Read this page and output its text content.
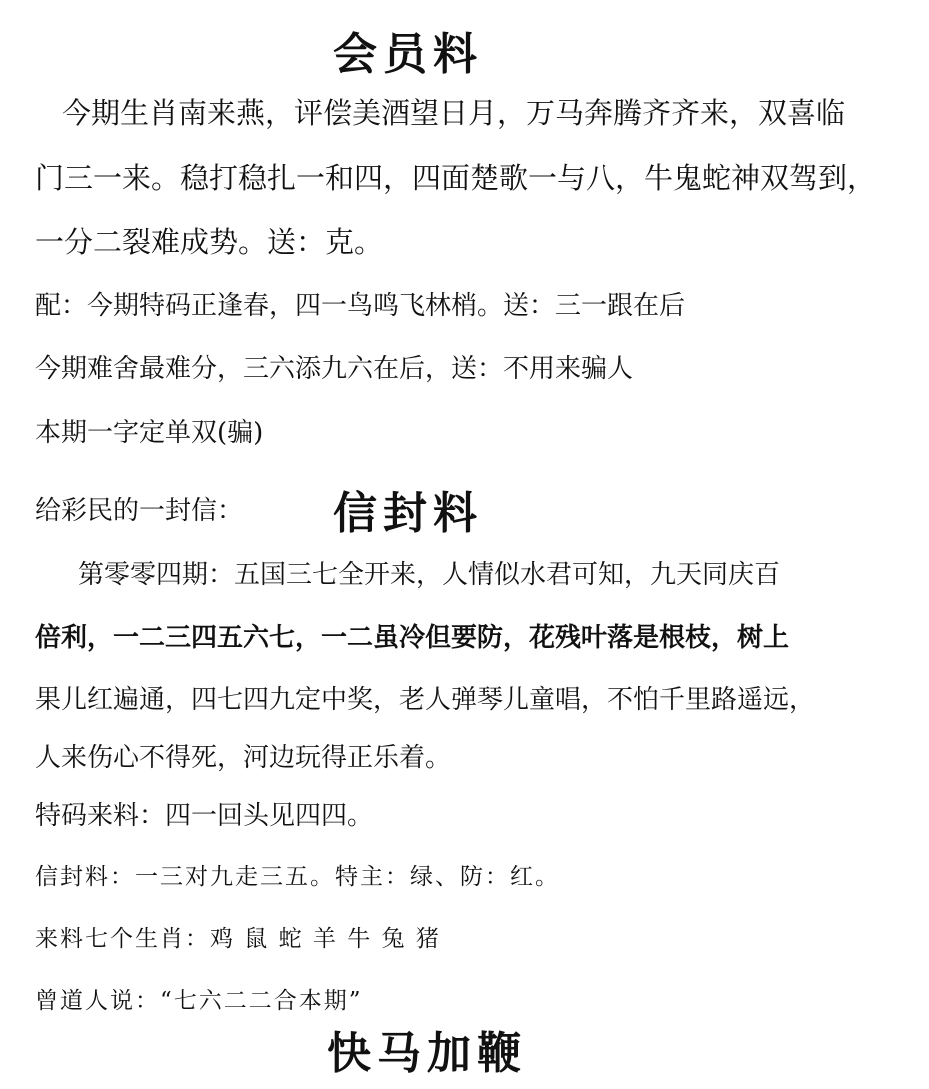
会员料
今期生肖南来燕，评偿美酒望日月，万马奔腾齐齐来，双喜临
门三一来。稳打稳扎一和四，四面楚歌一与八，牛鬼蛇神双驾到，
一分二裂难成势。送：克。
配：今期特码正逢春，四一鸟鸣飞林梢。送：三一跟在后
今期难舍最难分，三六添九六在后，送：不用来骗人
本期一字定单双(骗)
给彩民的一封信： 信封料
第零零四期：五国三七全开来，人情似水君可知，九天同庆百
倍利，一二三四五六七，一二虽冷但要防，花残叶落是根枝，树上
果儿红遍通，四七四九定中奖，老人弹琴儿童唱，不怕千里路遥远，
人来伤心不得死，河边玩得正乐着。
特码来料：四一回头见四四。
信封料：一三对九走三五。特主：绿、防：红。
来料七个生肖：鸡 鼠 蛇 羊 牛 兔 猪
曾道人说：“七六二二合本期”
快马加鞭
